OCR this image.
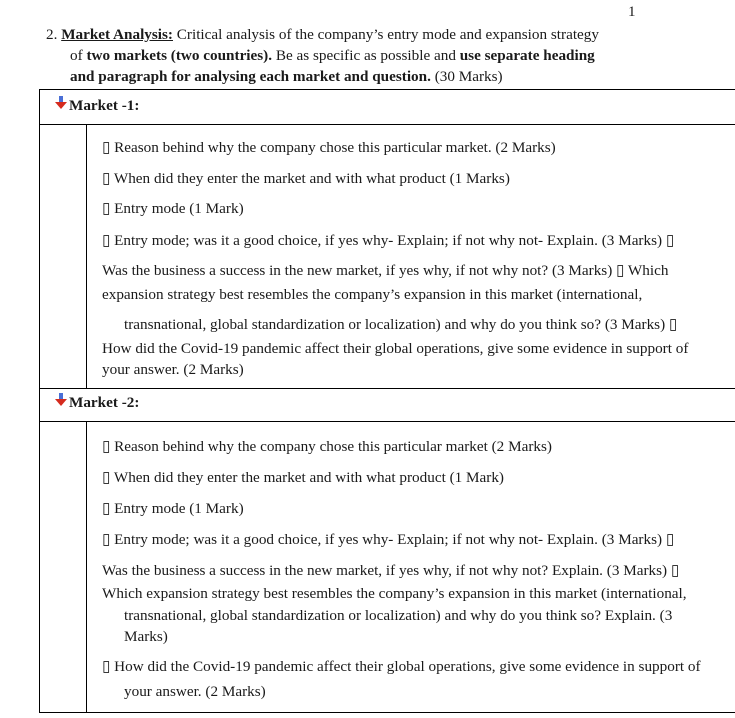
1
2. Market Analysis: Critical analysis of the company’s entry mode and expansion strategy
of two markets (two countries). Be as specific as possible and use separate heading
and paragraph for analysing each market and question. (30 Marks)
Market -1:
▯ Reason behind why the company chose this particular market. (2 Marks)
▯ When did they enter the market and with what product (1 Marks)
▯ Entry mode (1 Mark)
▯ Entry mode; was it a good choice, if yes why- Explain; if not why not- Explain. (3 Marks) ▯
Was the business a success in the new market, if yes why, if not why not? (3 Marks) ▯ Which
expansion strategy best resembles the company’s expansion in this market (international,
transnational, global standardization or localization) and why do you think so? (3 Marks) ▯
How did the Covid-19 pandemic affect their global operations, give some evidence in support of
your answer. (2 Marks)
Market -2:
▯ Reason behind why the company chose this particular market (2 Marks)
▯ When did they enter the market and with what product (1 Mark)
▯ Entry mode (1 Mark)
▯ Entry mode; was it a good choice, if yes why- Explain; if not why not- Explain. (3 Marks) ▯
Was the business a success in the new market, if yes why, if not why not? Explain. (3 Marks) ▯
Which expansion strategy best resembles the company’s expansion in this market (international,
transnational, global standardization or localization) and why do you think so? Explain. (3
Marks)
▯ How did the Covid-19 pandemic affect their global operations, give some evidence in support of
your answer. (2 Marks)
